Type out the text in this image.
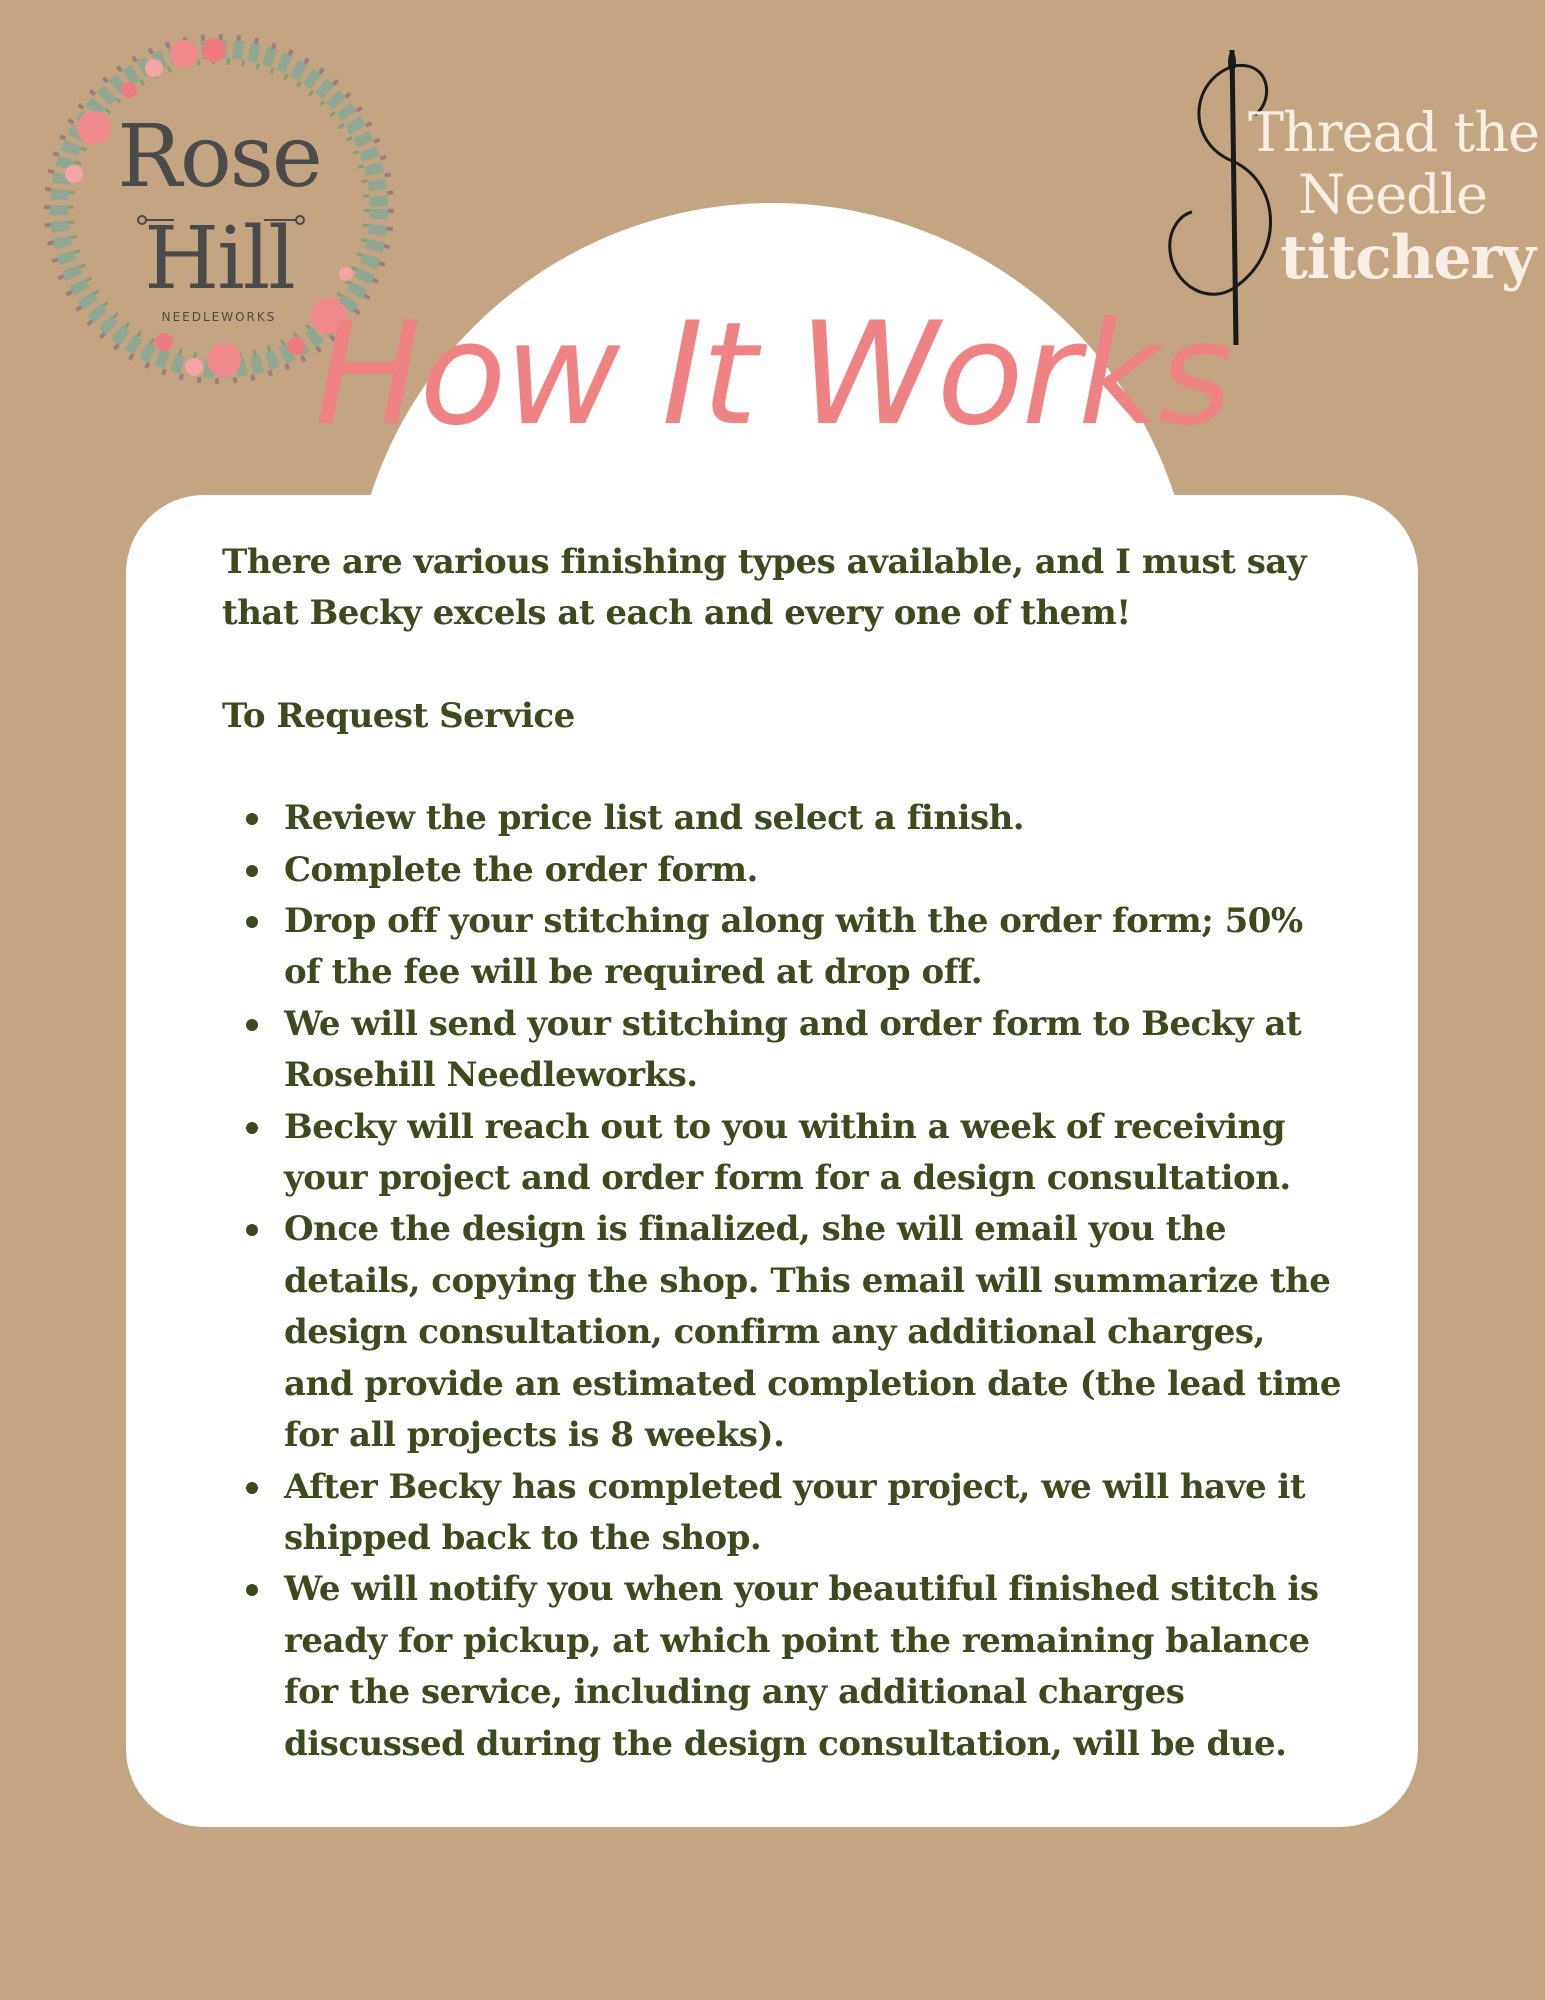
Rose
Hill
NEEDLEWORKS
Thread the
Needle
titchery
How It Works

There are various finishing types available, and I must say that Becky excels at each and every one of them!

To Request Service

Review the price list and select a finish.
Complete the order form.
Drop off your stitching along with the order form; 50% of the fee will be required at drop off.
We will send your stitching and order form to Becky at Rosehill Needleworks.
Becky will reach out to you within a week of receiving your project and order form for a design consultation.
Once the design is finalized, she will email you the details, copying the shop. This email will summarize the design consultation, confirm any additional charges, and provide an estimated completion date (the lead time for all projects is 8 weeks).
After Becky has completed your project, we will have it shipped back to the shop.
We will notify you when your beautiful finished stitch is ready for pickup, at which point the remaining balance for the service, including any additional charges discussed during the design consultation, will be due.
